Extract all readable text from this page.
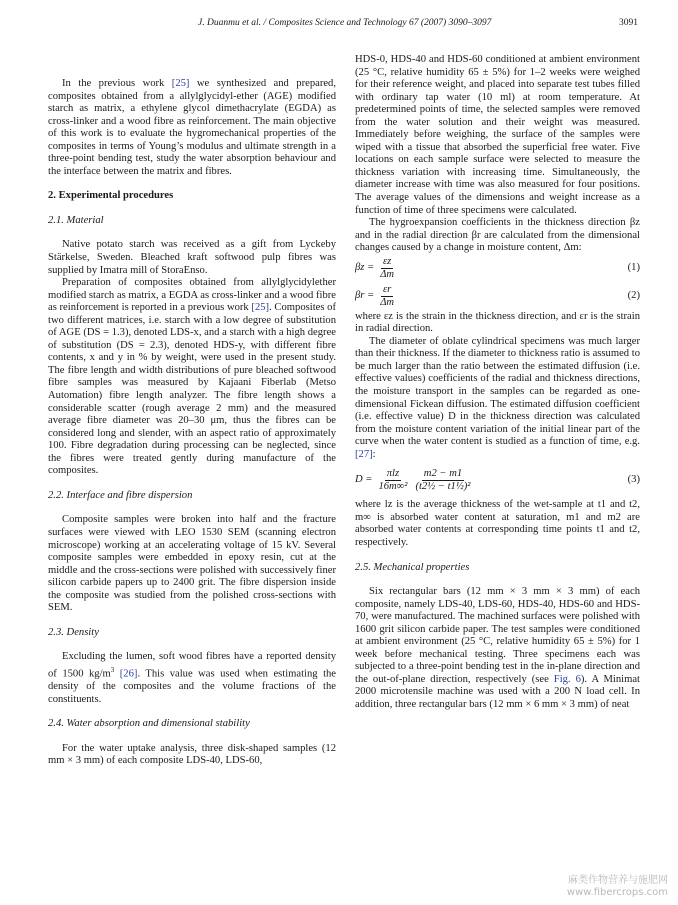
J. Duanmu et al. / Composites Science and Technology 67 (2007) 3090–3097	3091

In the previous work [25] we synthesized and prepared, composites obtained from a allylglycidyl-ether (AGE) modified starch as matrix, a ethylene glycol dimethacrylate (EGDA) as cross-linker and a wood fibre as reinforcement. The main objective of this work is to evaluate the hygromechanical properties of the composites in terms of Young’s modulus and ultimate strength in a three-point bending test, study the water absorption behaviour and the interface between the matrix and fibres.

2. Experimental procedures
2.1. Material

Native potato starch was received as a gift from Lyckeby Stärkelse, Sweden. Bleached kraft softwood pulp fibres was supplied by Imatra mill of StoraEnso.

Preparation of composites obtained from allylglycidylether modified starch as matrix, a EGDA as cross-linker and a wood fibre as reinforcement is reported in a previous work [25]. Composites of two different matrices, i.e. starch with a low degree of substitution of AGE (DS = 1.3), denoted LDS-x, and a starch with a high degree of substitution (DS = 2.3), denoted HDS-y, with different fibre contents, x and y in % by weight, were used in the present study. The fibre length and width distributions of pure bleached softwood fibre samples was measured by Kajaani Fiberlab (Metso Automation) fibre length analyzer. The fibre length shows a considerable scatter (rough average 2 mm) and the measured average fibre diameter was 20–30 μm, thus the fibres can be considered long and slender, with an aspect ratio of approximately 100. Fibre degradation during processing can be neglected, since the fibres were treated gently during manufacture of the composites.

2.2. Interface and fibre dispersion

Composite samples were broken into half and the fracture surfaces were viewed with LEO 1530 SEM (scanning electron microscope) working at an accelerating voltage of 15 kV. Several composite samples were embedded in epoxy resin, cut at the middle and the cross-sections were polished with successively finer silicon carbide papers up to 2400 grit. The fibre dispersion inside the composite was studied from the polished cross-sections with SEM.

2.3. Density

Excluding the lumen, soft wood fibres have a reported density of 1500 $kg/m^3$ [26]. This value was used when estimating the density of the composites and the volume fractions of the constituents.

2.4. Water absorption and dimensional stability

For the water uptake analysis, three disk-shaped samples (12 mm × 3 mm) of each composite LDS-40, LDS-60,

HDS-0, HDS-40 and HDS-60 conditioned at ambient environment (25 °C, relative humidity 65 ± 5%) for 1–2 weeks were weighed for their reference weight, and placed into separate test tubes filled with ordinary tap water (10 ml) at room temperature. At predetermined points of time, the selected samples were removed from the water solution and their weight was measured. Immediately before weighing, the surface of the samples were wiped with a tissue that absorbed the superficial free water. Five locations on each sample surface were selected to measure the thickness variation with increasing time. Simultaneously, the diameter increase with time was also measured for four positions. The average values of the dimensions and weight increase as a function of time of three specimens were calculated.

The hygroexpansion coefficients in the thickness direction βz and in the radial direction βr are calculated from the dimensional changes caused by a change in moisture content, Δm:

$\beta z = \frac{\varepsilon z}{\Delta m}$	(1)
$\beta r = \frac{\varepsilon r}{\Delta m}$	(2)

where εz is the strain in the thickness direction, and εr is the strain in radial direction.

The diameter of oblate cylindrical specimens was much larger than their thickness. If the diameter to thickness ratio is assumed to be much larger than the ratio between the estimated diffusion (i.e. effective values) coefficients of the radial and thickness directions, the moisture transport in the samples can be regarded as one-dimensional Fickean diffusion. The estimated diffusion coefficient (i.e. effective value) D in the thickness direction was calculated from the moisture content variation of the initial linear part of the curve when the water content is studied as a function of time, e.g. [27]:

$D = \frac{\text{πlz}}{\text{16m∞²}} \frac{m2 - m1}{\text{(t2½ − t1½)²}}$	(3)

where lz is the average thickness of the wet-sample at t1 and t2, m∞ is absorbed water content at saturation, m1 and m2 are absorbed water contents at corresponding time points t1 and t2, respectively.

2.5. Mechanical properties

Six rectangular bars (12 mm × 3 mm × 3 mm) of each composite, namely LDS-40, LDS-60, HDS-40, HDS-60 and HDS-70, were manufactured. The machined surfaces were polished with 1600 grit silicon carbide paper. The test samples were conditioned at ambient environment (25 °C, relative humidity 65 ± 5%) for 1 week before mechanical testing. Three specimens each was subjected to a three-point bending test in the in-plane direction and the out-of-plane direction, respectively (see Fig. 6). A Minimat 2000 microtensile machine was used with a 200 N load cell. In addition, three rectangular bars (12 mm × 6 mm × 3 mm) of neat

麻类作物营养与施肥网
www.fibercrops.com
